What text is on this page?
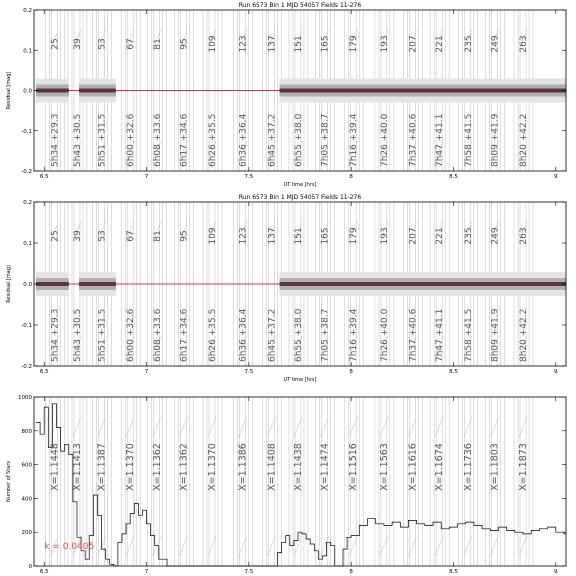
25
5h34 +29.3
39
5h43 +30.5
53
5h51 +31.5
67
6h00 +32.6
81
6h08 +33.6
95
6h17 +34.6
109
6h26 +35.5
123
6h36 +36.4
137
6h45 +37.2
151
6h55 +38.0
165
7h05 +38.7
179
7h16 +39.4
193
7h26 +40.0
207
7h37 +40.6
221
7h47 +41.1
235
7h58 +41.5
249
8h09 +41.9
263
8h20 +42.2
6.5	7	7.5	8	8.5	9
-0.2
-0.1
0.0
0.1
0.2
Run 6573 Bin 1 MJD 54057 Fields 11-276
UT time [hrs]
Residual [mag]
25
5h34 +29.3
39
5h43 +30.5
53
5h51 +31.5
67
6h00 +32.6
81
6h08 +33.6
95
6h17 +34.6
109
6h26 +35.5
123
6h36 +36.4
137
6h45 +37.2
151
6h55 +38.0
165
7h05 +38.7
179
7h16 +39.4
193
7h26 +40.0
207
7h37 +40.6
221
7h47 +41.1
235
7h58 +41.5
249
8h09 +41.9
263
8h20 +42.2
6.5	7	7.5	8	8.5	9
-0.2
-0.1
0.0
0.1
0.2
Run 6573 Bin 1 MJD 54057 Fields 11-276
UT time [hrs]
Residual [mag]
X=1.1448 X=1.1413 X=1.1387 X=1.1370 X=1.1362 X=1.1362 X=1.1370 X=1.1386 X=1.1408 X=1.1438 X=1.1474 X=1.1516 X=1.1563 X=1.1616 X=1.1674 X=1.1736 X=1.1803 X=1.1873
k = 0.0405
6.5	7	7.5	8	8.5	9
0
200
400
600
800
1000
Number of Stars
